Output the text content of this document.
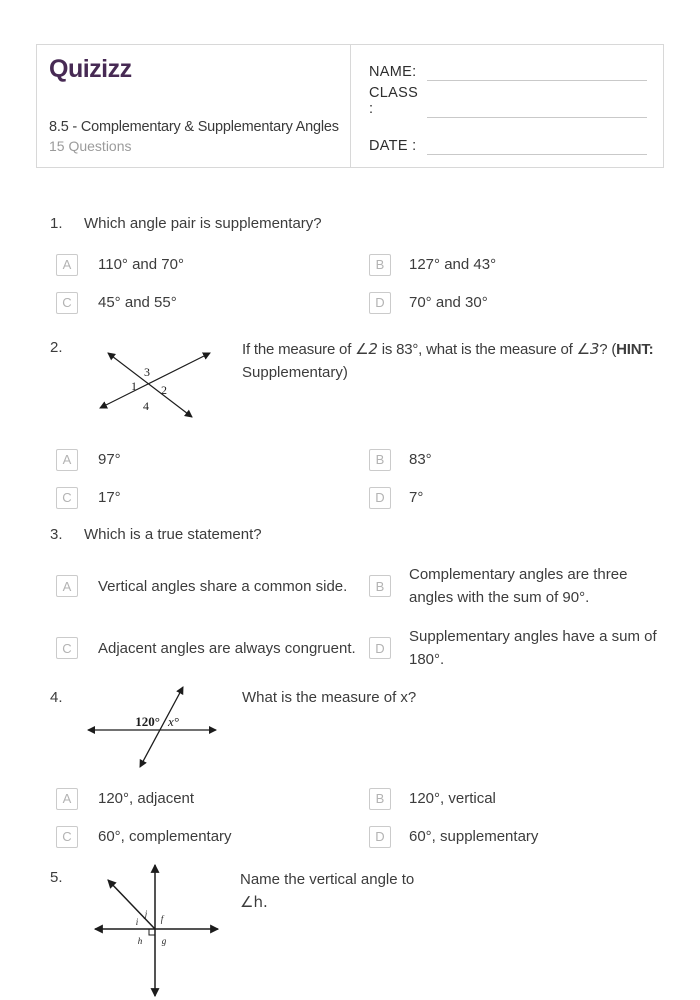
Quizizz
8.5 - Complementary & Supplementary Angles
15 Questions
NAME:
CLASS :
DATE :
1.	Which angle pair is supplementary?
A	110° and 70°	B	127° and 43°
C	45° and 55°	D	70° and 30°
2.
3
1 2
4
If the measure of ∠2 is 83°, what is the measure of ∠3? (HINT:
Supplementary)
A	97°	B	83°
C	17°	D	7°
3.	Which is a true statement?
A	Vertical angles share a common side.	B
Complementary angles are three angles with the sum of 90°.
C	Adjacent angles are always congruent.	D
Supplementary angles have a sum of 180°.
4.
120° x°
What is the measure of x?
A	120°, adjacent	B	120°, vertical
C	60°, complementary	D	60°, supplementary
5.
j
i f
h g
Name the vertical angle to
∠h.
